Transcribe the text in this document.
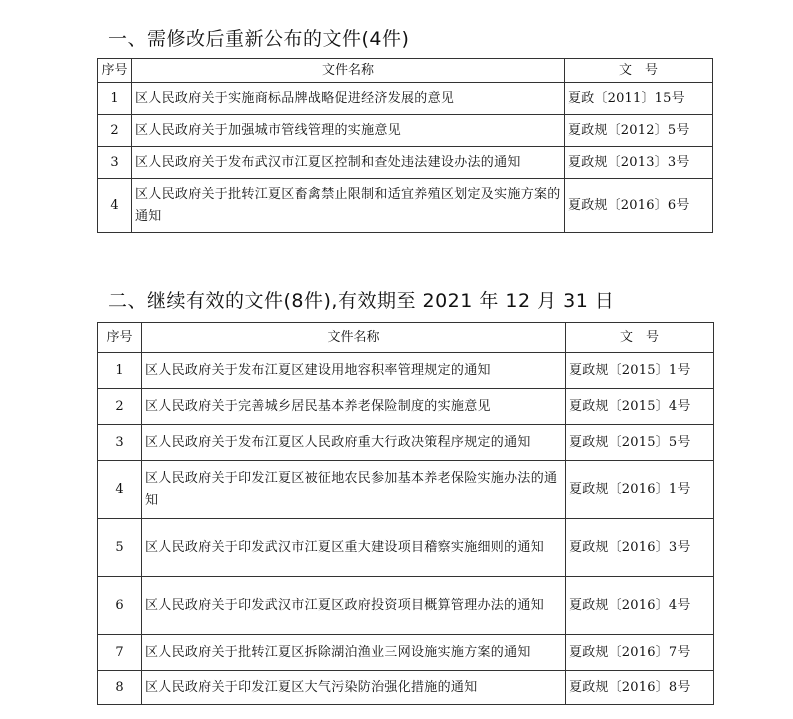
一、需修改后重新公布的文件(4件)
序号	文件名称	文　号
1	区人民政府关于实施商标品牌战略促进经济发展的意见	夏政〔2011〕15号
2	区人民政府关于加强城市管线管理的实施意见	夏政规〔2012〕5号
3	区人民政府关于发布武汉市江夏区控制和查处违法建设办法的通知	夏政规〔2013〕3号
4	区人民政府关于批转江夏区畜禽禁止限制和适宜养殖区划定及实施方案的通知	夏政规〔2016〕6号
二、继续有效的文件(8件),有效期至 2021 年 12 月 31 日
序号	文件名称	文　号
1	区人民政府关于发布江夏区建设用地容积率管理规定的通知	夏政规〔2015〕1号
2	区人民政府关于完善城乡居民基本养老保险制度的实施意见	夏政规〔2015〕4号
3	区人民政府关于发布江夏区人民政府重大行政决策程序规定的通知	夏政规〔2015〕5号
4	区人民政府关于印发江夏区被征地农民参加基本养老保险实施办法的通知	夏政规〔2016〕1号
5	区人民政府关于印发武汉市江夏区重大建设项目稽察实施细则的通知	夏政规〔2016〕3号
6	区人民政府关于印发武汉市江夏区政府投资项目概算管理办法的通知	夏政规〔2016〕4号
7	区人民政府关于批转江夏区拆除湖泊渔业三网设施实施方案的通知	夏政规〔2016〕7号
8	区人民政府关于印发江夏区大气污染防治强化措施的通知	夏政规〔2016〕8号
